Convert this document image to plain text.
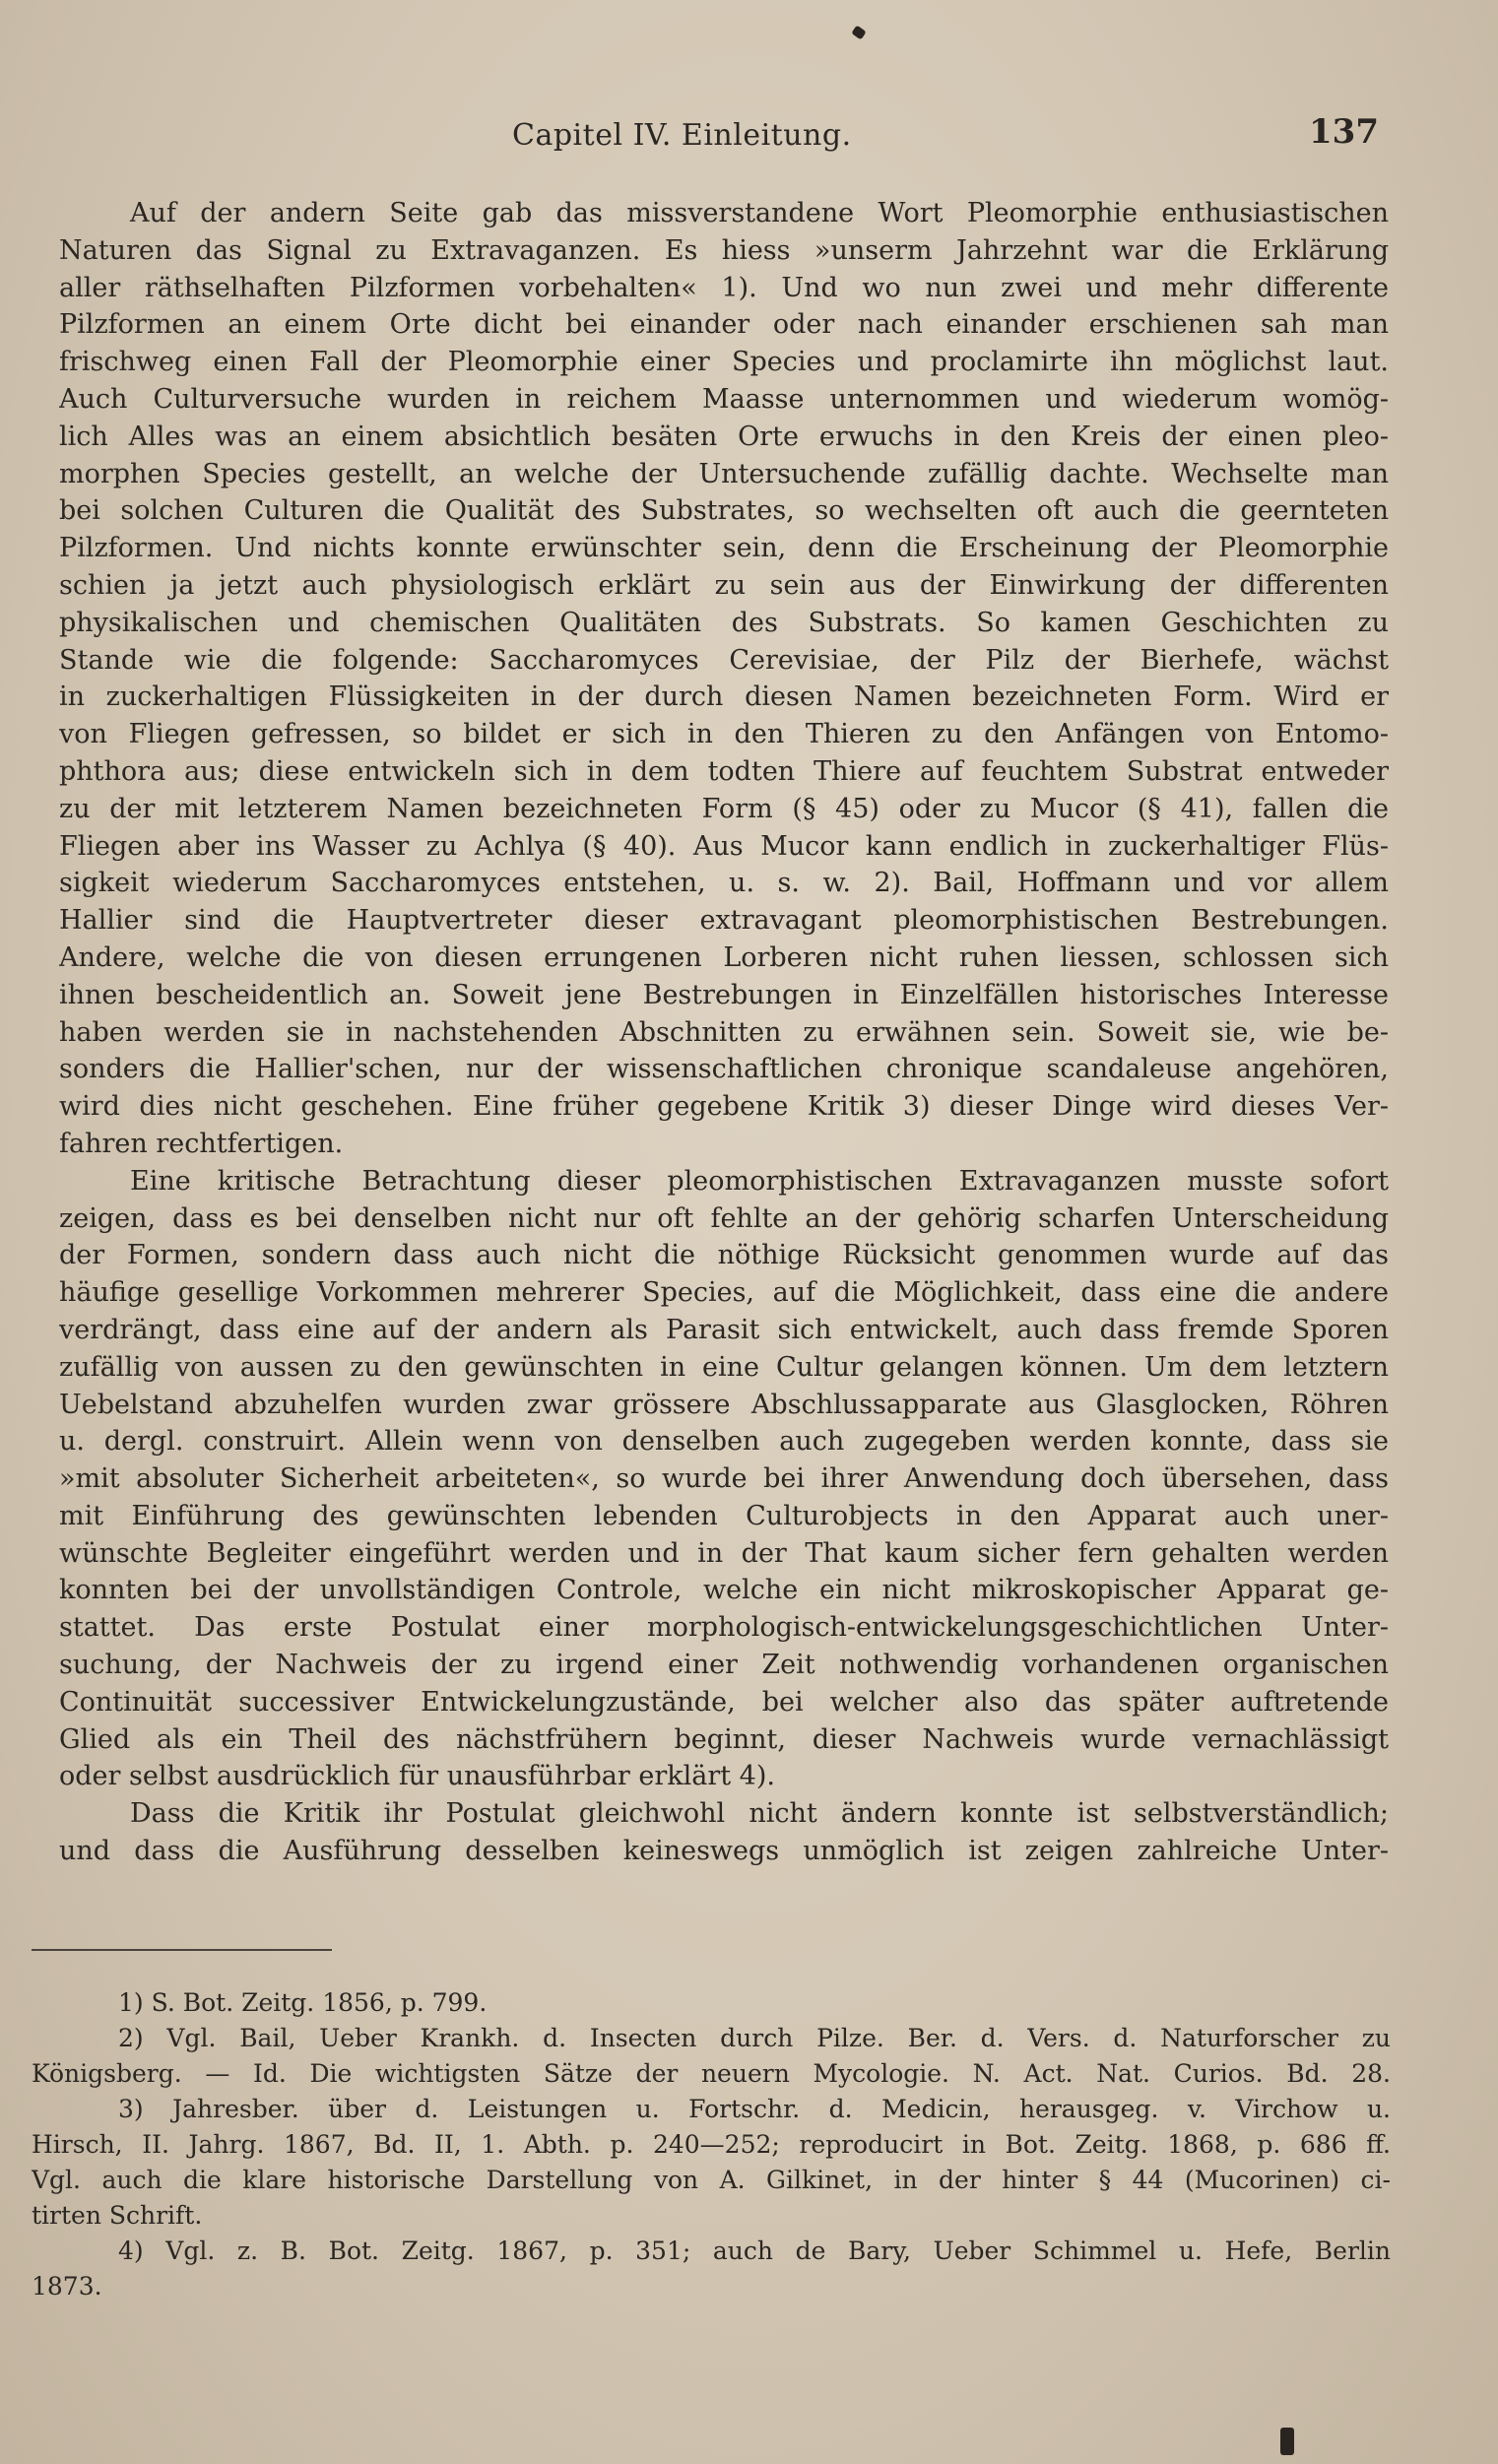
Capitel IV. Einleitung.	137
Auf der andern Seite gab das missverstandene Wort Pleomorphie enthusiastischen
Naturen das Signal zu Extravaganzen. Es hiess »unserm Jahrzehnt war die Erklärung
aller räthselhaften Pilzformen vorbehalten« 1). Und wo nun zwei und mehr differente
Pilzformen an einem Orte dicht bei einander oder nach einander erschienen sah man
frischweg einen Fall der Pleomorphie einer Species und proclamirte ihn möglichst laut.
Auch Culturversuche wurden in reichem Maasse unternommen und wiederum womög-
lich Alles was an einem absichtlich besäten Orte erwuchs in den Kreis der einen pleo-
morphen Species gestellt, an welche der Untersuchende zufällig dachte. Wechselte man
bei solchen Culturen die Qualität des Substrates, so wechselten oft auch die geernteten
Pilzformen. Und nichts konnte erwünschter sein, denn die Erscheinung der Pleomorphie
schien ja jetzt auch physiologisch erklärt zu sein aus der Einwirkung der differenten
physikalischen und chemischen Qualitäten des Substrats. So kamen Geschichten zu
Stande wie die folgende: Saccharomyces Cerevisiae, der Pilz der Bierhefe, wächst
in zuckerhaltigen Flüssigkeiten in der durch diesen Namen bezeichneten Form. Wird er
von Fliegen gefressen, so bildet er sich in den Thieren zu den Anfängen von Entomo-
phthora aus; diese entwickeln sich in dem todten Thiere auf feuchtem Substrat entweder
zu der mit letzterem Namen bezeichneten Form (§ 45) oder zu Mucor (§ 41), fallen die
Fliegen aber ins Wasser zu Achlya (§ 40). Aus Mucor kann endlich in zuckerhaltiger Flüs-
sigkeit wiederum Saccharomyces entstehen, u. s. w. 2). Bail, Hoffmann und vor allem
Hallier sind die Hauptvertreter dieser extravagant pleomorphistischen Bestrebungen.
Andere, welche die von diesen errungenen Lorberen nicht ruhen liessen, schlossen sich
ihnen bescheidentlich an. Soweit jene Bestrebungen in Einzelfällen historisches Interesse
haben werden sie in nachstehenden Abschnitten zu erwähnen sein. Soweit sie, wie be-
sonders die Hallier'schen, nur der wissenschaftlichen chronique scandaleuse angehören,
wird dies nicht geschehen. Eine früher gegebene Kritik 3) dieser Dinge wird dieses Ver-
fahren rechtfertigen.
Eine kritische Betrachtung dieser pleomorphistischen Extravaganzen musste sofort
zeigen, dass es bei denselben nicht nur oft fehlte an der gehörig scharfen Unterscheidung
der Formen, sondern dass auch nicht die nöthige Rücksicht genommen wurde auf das
häufige gesellige Vorkommen mehrerer Species, auf die Möglichkeit, dass eine die andere
verdrängt, dass eine auf der andern als Parasit sich entwickelt, auch dass fremde Sporen
zufällig von aussen zu den gewünschten in eine Cultur gelangen können. Um dem letztern
Uebelstand abzuhelfen wurden zwar grössere Abschlussapparate aus Glasglocken, Röhren
u. dergl. construirt. Allein wenn von denselben auch zugegeben werden konnte, dass sie
»mit absoluter Sicherheit arbeiteten«, so wurde bei ihrer Anwendung doch übersehen, dass
mit Einführung des gewünschten lebenden Culturobjects in den Apparat auch uner-
wünschte Begleiter eingeführt werden und in der That kaum sicher fern gehalten werden
konnten bei der unvollständigen Controle, welche ein nicht mikroskopischer Apparat ge-
stattet. Das erste Postulat einer morphologisch-entwickelungsgeschichtlichen Unter-
suchung, der Nachweis der zu irgend einer Zeit nothwendig vorhandenen organischen
Continuität successiver Entwickelungzustände, bei welcher also das später auftretende
Glied als ein Theil des nächstfrühern beginnt, dieser Nachweis wurde vernachlässigt
oder selbst ausdrücklich für unausführbar erklärt 4).
Dass die Kritik ihr Postulat gleichwohl nicht ändern konnte ist selbstverständlich;
und dass die Ausführung desselben keineswegs unmöglich ist zeigen zahlreiche Unter-
1) S. Bot. Zeitg. 1856, p. 799.
2) Vgl. Bail, Ueber Krankh. d. Insecten durch Pilze. Ber. d. Vers. d. Naturforscher zu
Königsberg. — Id. Die wichtigsten Sätze der neuern Mycologie. N. Act. Nat. Curios. Bd. 28.
3) Jahresber. über d. Leistungen u. Fortschr. d. Medicin, herausgeg. v. Virchow u.
Hirsch, II. Jahrg. 1867, Bd. II, 1. Abth. p. 240—252; reproducirt in Bot. Zeitg. 1868, p. 686 ff.
Vgl. auch die klare historische Darstellung von A. Gilkinet, in der hinter § 44 (Mucorinen) ci-
tirten Schrift.
4) Vgl. z. B. Bot. Zeitg. 1867, p. 351; auch de Bary, Ueber Schimmel u. Hefe, Berlin
1873.
